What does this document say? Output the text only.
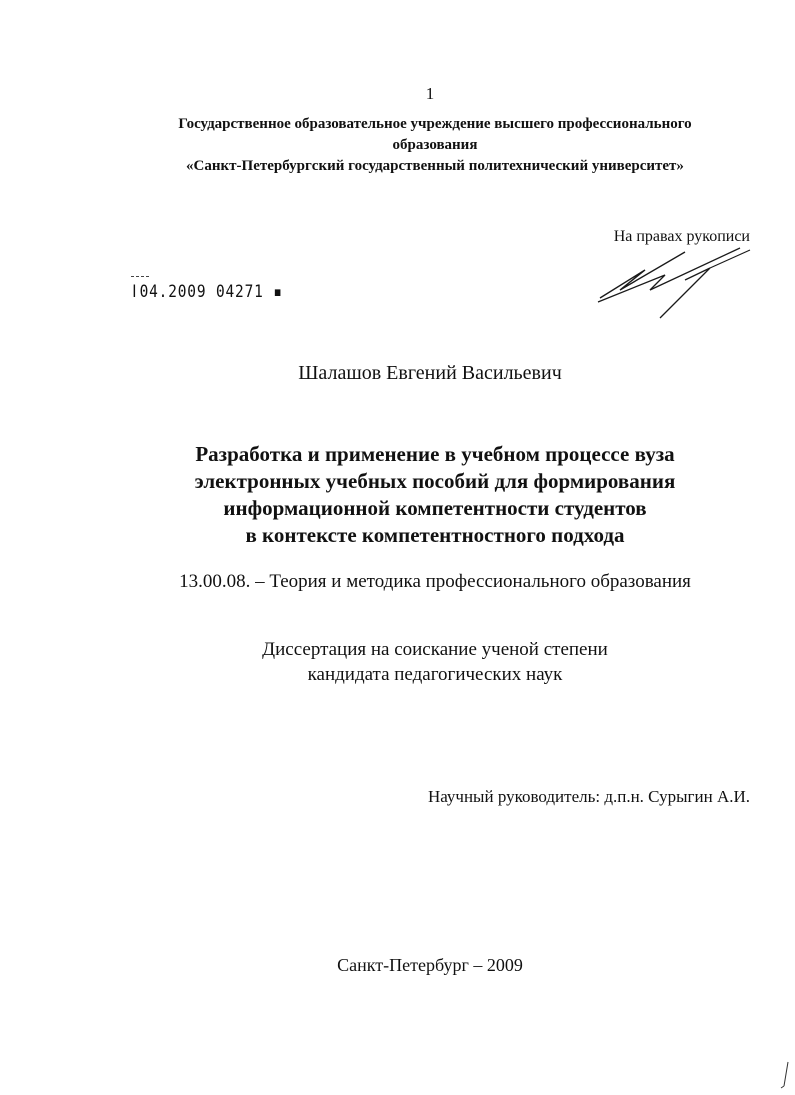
1
Государственное образовательное учреждение высшего профессионального
образования
«Санкт-Петербургский государственный политехнический университет»
На правах рукописи
ǀ04.2009 04271 ▪
Шалашов Евгений Васильевич
Разработка и применение в учебном процессе вуза
электронных учебных пособий для формирования
информационной компетентности студентов
в контексте компетентностного подхода
13.00.08. – Теория и методика профессионального образования
Диссертация на соискание ученой степени
кандидата педагогических наук
Научный руководитель: д.п.н. Сурыгин А.И.
Санкт-Петербург – 2009
